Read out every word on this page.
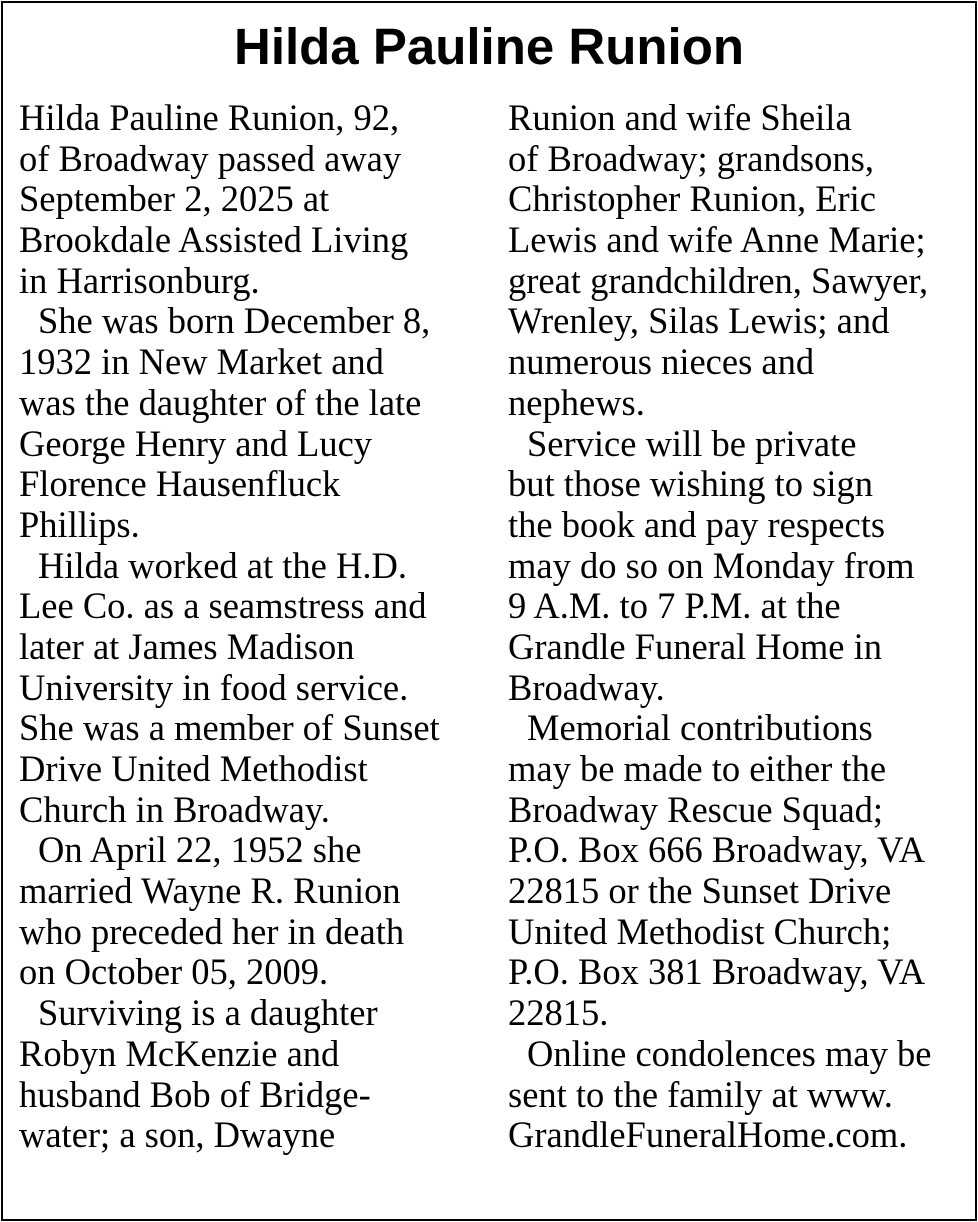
Hilda Pauline Runion
Hilda Pauline Runion, 92,
of Broadway passed away
September 2, 2025 at
Brookdale Assisted Living
in Harrisonburg.
She was born December 8,
1932 in New Market and
was the daughter of the late
George Henry and Lucy
Florence Hausenfluck
Phillips.
Hilda worked at the H.D.
Lee Co. as a seamstress and
later at James Madison
University in food service.
She was a member of Sunset
Drive United Methodist
Church in Broadway.
On April 22, 1952 she
married Wayne R. Runion
who preceded her in death
on October 05, 2009.
Surviving is a daughter
Robyn McKenzie and
husband Bob of Bridge-
water; a son, Dwayne
Runion and wife Sheila
of Broadway; grandsons,
Christopher Runion, Eric
Lewis and wife Anne Marie;
great grandchildren, Sawyer,
Wrenley, Silas Lewis; and
numerous nieces and
nephews.
Service will be private
but those wishing to sign
the book and pay respects
may do so on Monday from
9 A.M. to 7 P.M. at the
Grandle Funeral Home in
Broadway.
Memorial contributions
may be made to either the
Broadway Rescue Squad;
P.O. Box 666 Broadway, VA
22815 or the Sunset Drive
United Methodist Church;
P.O. Box 381 Broadway, VA
22815.
Online condolences may be
sent to the family at www.
GrandleFuneralHome.com.
